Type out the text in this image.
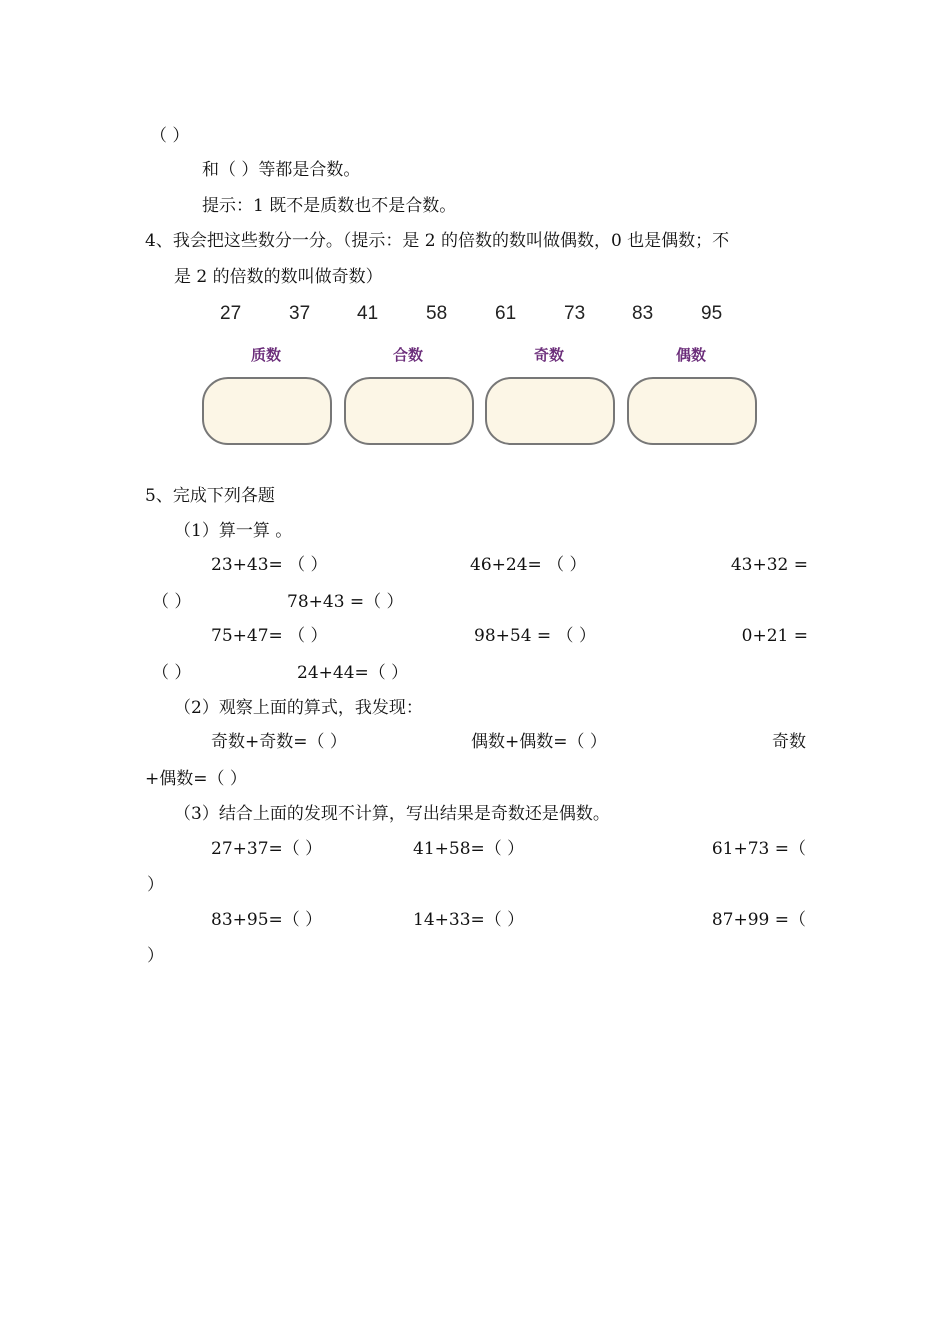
（ ）
和（ ）等都是合数。
提示：1 既不是质数也不是合数。
4、我会把这些数分一分。（提示：是 2 的倍数的数叫做偶数，0 也是偶数；不
是 2 的倍数的数叫做奇数）
27	37 41	58	61	73 83	95
质数	合数	奇数	偶数
5、完成下列各题
（1）算一算 。
23+43= （ ）	46+24= （ ）	43+32 =
（ ）	78+43 =（ ）
75+47= （ ）	98+54 = （ ）	0+21 =
（ ）	24+44=（ ）
（2）观察上面的算式，我发现：
奇数+奇数=（ ）	偶数+偶数=（ ）	奇数
+偶数=（ ）
（3）结合上面的发现不计算，写出结果是奇数还是偶数。
27+37=（ ）	41+58=（ ）	61+73 =（
）
83+95=（ ）	14+33=（ ）	87+99 =（
）
